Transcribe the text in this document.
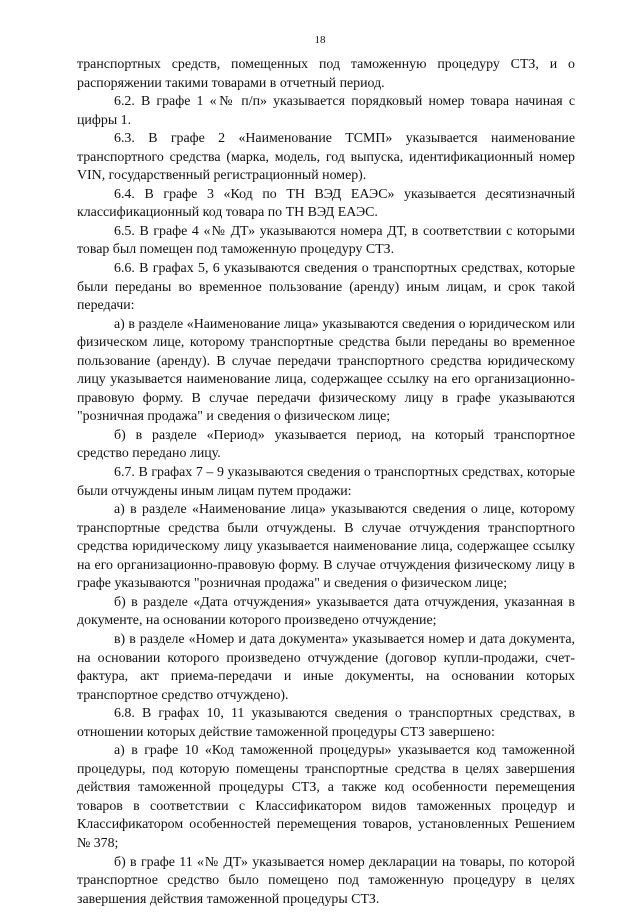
18

транспортных средств, помещенных под таможенную процедуру СТЗ, и о распоряжении такими товарами в отчетный период.

6.2. В графе 1 «№ п/п» указывается порядковый номер товара начиная с цифры 1.

6.3. В графе 2 «Наименование ТСМП» указывается наименование транспортного средства (марка, модель, год выпуска, идентификационный номер VIN, государственный регистрационный номер).

6.4. В графе 3 «Код по ТН ВЭД ЕАЭС» указывается десятизначный классификационный код товара по ТН ВЭД ЕАЭС.

6.5. В графе 4 «№ ДТ» указываются номера ДТ, в соответствии с которыми товар был помещен под таможенную процедуру СТЗ.

6.6. В графах 5, 6 указываются сведения о транспортных средствах, которые были переданы во временное пользование (аренду) иным лицам, и срок такой передачи:

а) в разделе «Наименование лица» указываются сведения о юридическом или физическом лице, которому транспортные средства были переданы во временное пользование (аренду). В случае передачи транспортного средства юридическому лицу указывается наименование лица, содержащее ссылку на его организационно-правовую форму. В случае передачи физическому лицу в графе указываются "розничная продажа" и сведения о физическом лице;

б) в разделе «Период» указывается период, на который транспортное средство передано лицу.

6.7. В графах 7 – 9 указываются сведения о транспортных средствах, которые были отчуждены иным лицам путем продажи:

а) в разделе «Наименование лица» указываются сведения о лице, которому транспортные средства были отчуждены. В случае отчуждения транспортного средства юридическому лицу указывается наименование лица, содержащее ссылку на его организационно-правовую форму. В случае отчуждения физическому лицу в графе указываются "розничная продажа" и сведения о физическом лице;

б) в разделе «Дата отчуждения» указывается дата отчуждения, указанная в документе, на основании которого произведено отчуждение;

в) в разделе «Номер и дата документа» указывается номер и дата документа, на основании которого произведено отчуждение (договор купли-продажи, счет-фактура, акт приема-передачи и иные документы, на основании которых транспортное средство отчуждено).

6.8. В графах 10, 11 указываются сведения о транспортных средствах, в отношении которых действие таможенной процедуры СТЗ завершено:

а) в графе 10 «Код таможенной процедуры» указывается код таможенной процедуры, под которую помещены транспортные средства в целях завершения действия таможенной процедуры СТЗ, а также код особенности перемещения товаров в соответствии с Классификатором видов таможенных процедур и Классификатором особенностей перемещения товаров, установленных Решением № 378;

б) в графе 11 «№ ДТ» указывается номер декларации на товары, по которой транспортное средство было помещено под таможенную процедуру в целях завершения действия таможенной процедуры СТЗ.
